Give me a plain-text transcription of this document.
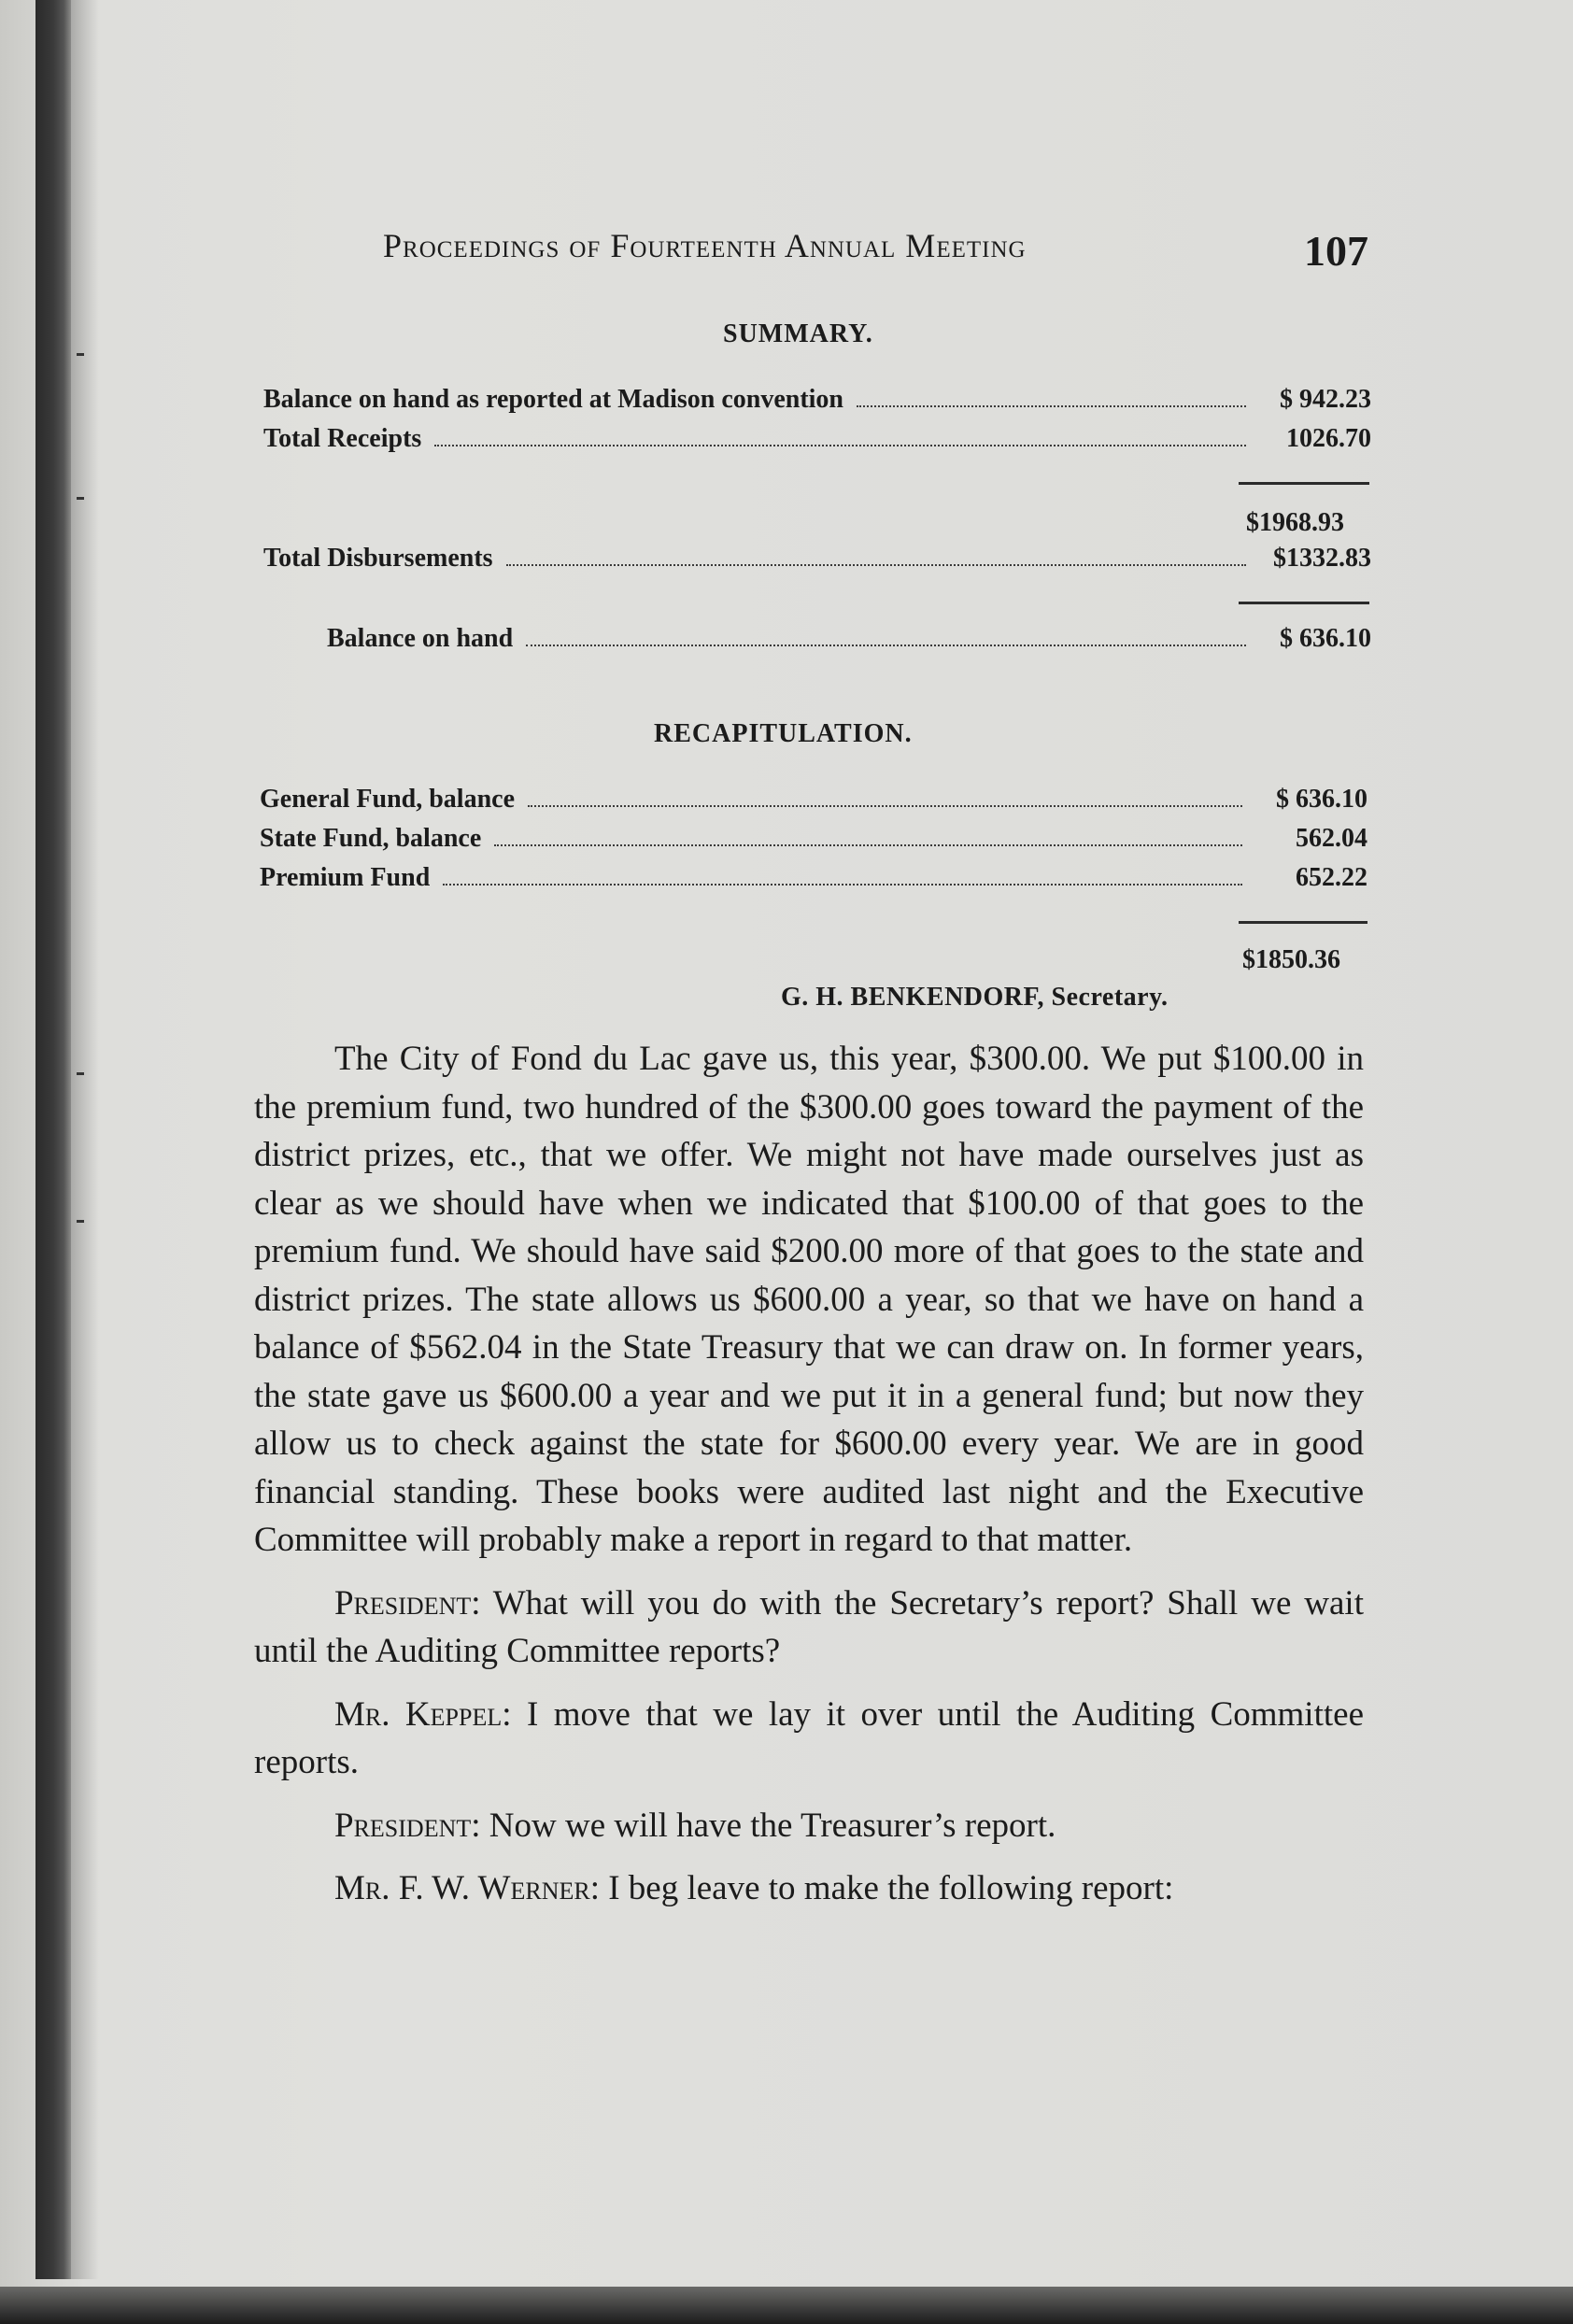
Proceedings of Fourteenth Annual Meeting	107
SUMMARY.
Balance on hand as reported at Madison convention	$ 942.23
Total Receipts	1026.70
$1968.93
Total Disbursements	$1332.83
Balance on hand	$ 636.10
RECAPITULATION.
General Fund, balance	$ 636.10
State Fund, balance	562.04
Premium Fund	652.22
$1850.36
G. H. BENKENDORF, Secretary.

The City of Fond du Lac gave us, this year, $300.00. We put $100.00 in the premium fund, two hundred of the $300.00 goes toward the payment of the district prizes, etc., that we offer. We might not have made ourselves just as clear as we should have when we indicated that $100.00 of that goes to the premium fund. We should have said $200.00 more of that goes to the state and district prizes. The state allows us $600.00 a year, so that we have on hand a balance of $562.04 in the State Treasury that we can draw on. In former years, the state gave us $600.00 a year and we put it in a general fund; but now they allow us to check against the state for $600.00 every year. We are in good financial standing. These books were audited last night and the Executive Committee will probably make a report in regard to that matter.

President: What will you do with the Secretary’s report? Shall we wait until the Auditing Committee reports?

Mr. Keppel: I move that we lay it over until the Auditing Committee reports.

President: Now we will have the Treasurer’s report.

Mr. F. W. Werner: I beg leave to make the following report:
